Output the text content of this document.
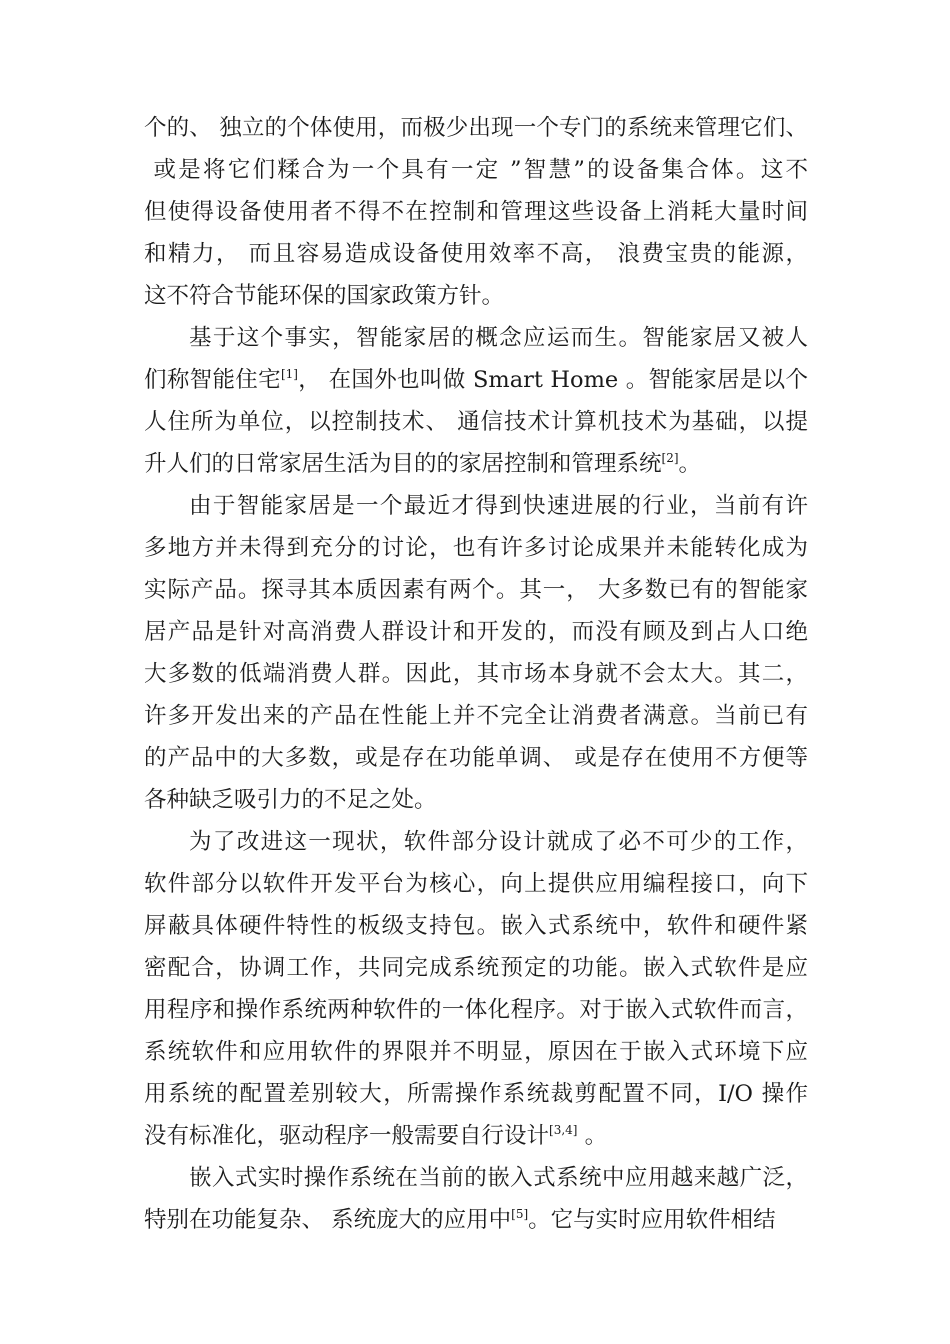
个的、 独立的个体使用，而极少出现一个专门的系统来管理它们、

或是将它们糅合为一个具有一定 ”智慧”的设备集合体。这不

但使得设备使用者不得不在控制和管理这些设备上消耗大量时间

和精力， 而且容易造成设备使用效率不高， 浪费宝贵的能源，

这不符合节能环保的国家政策方针。

基于这个事实，智能家居的概念应运而生。智能家居又被人

们称智能住宅[1]， 在国外也叫做 Smart Home 。智能家居是以个

人住所为单位，以控制技术、 通信技术计算机技术为基础，以提

升人们的日常家居生活为目的的家居控制和管理系统[2]。

由于智能家居是一个最近才得到快速进展的行业，当前有许

多地方并未得到充分的讨论，也有许多讨论成果并未能转化成为

实际产品。探寻其本质因素有两个。其一， 大多数已有的智能家

居产品是针对高消费人群设计和开发的，而没有顾及到占人口绝

大多数的低端消费人群。因此，其市场本身就不会太大。其二，

许多开发出来的产品在性能上并不完全让消费者满意。当前已有

的产品中的大多数，或是存在功能单调、 或是存在使用不方便等

各种缺乏吸引力的不足之处。

为了改进这一现状，软件部分设计就成了必不可少的工作，

软件部分以软件开发平台为核心，向上提供应用编程接口，向下

屏蔽具体硬件特性的板级支持包。嵌入式系统中，软件和硬件紧

密配合，协调工作，共同完成系统预定的功能。嵌入式软件是应

用程序和操作系统两种软件的一体化程序。对于嵌入式软件而言，

系统软件和应用软件的界限并不明显，原因在于嵌入式环境下应

用系统的配置差别较大，所需操作系统裁剪配置不同，I/O 操作

没有标准化，驱动程序一般需要自行设计[3,4] 。

嵌入式实时操作系统在当前的嵌入式系统中应用越来越广泛，

特别在功能复杂、 系统庞大的应用中[5]。它与实时应用软件相结
